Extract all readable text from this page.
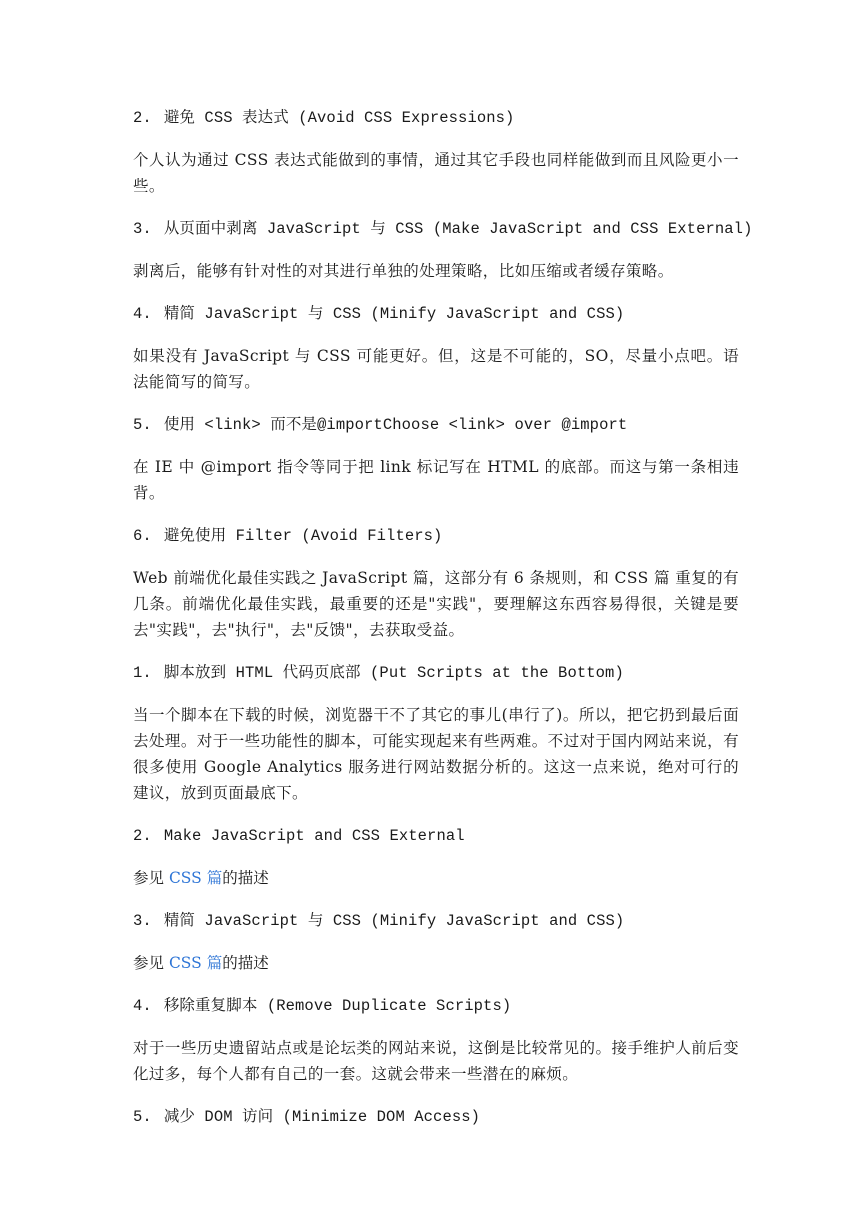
2. 避免 CSS 表达式 (Avoid CSS Expressions)

个人认为通过 CSS 表达式能做到的事情，通过其它手段也同样能做到而且风险更小一些。

3. 从页面中剥离 JavaScript 与 CSS (Make JavaScript and CSS External)

剥离后，能够有针对性的对其进行单独的处理策略，比如压缩或者缓存策略。

4. 精简 JavaScript 与 CSS (Minify JavaScript and CSS)

如果没有 JavaScript 与 CSS 可能更好。但，这是不可能的，SO，尽量小点吧。语法能简写的简写。

5. 使用 <link> 而不是@importChoose <link> over @import

在 IE 中 @import 指令等同于把 link 标记写在 HTML 的底部。而这与第一条相违背。

6. 避免使用 Filter (Avoid Filters)

Web 前端优化最佳实践之 JavaScript 篇，这部分有 6 条规则，和 CSS 篇 重复的有几条。前端优化最佳实践，最重要的还是"实践"，要理解这东西容易得很，关键是要去"实践"，去"执行"，去"反馈"，去获取受益。

1. 脚本放到 HTML 代码页底部 (Put Scripts at the Bottom)

当一个脚本在下载的时候，浏览器干不了其它的事儿(串行了)。所以，把它扔到最后面去处理。对于一些功能性的脚本，可能实现起来有些两难。不过对于国内网站来说，有很多使用 Google Analytics 服务进行网站数据分析的。这这一点来说，绝对可行的建议，放到页面最底下。

2. Make JavaScript and CSS External

参见 CSS 篇的描述

3. 精简 JavaScript 与 CSS (Minify JavaScript and CSS)

参见 CSS 篇的描述

4. 移除重复脚本 (Remove Duplicate Scripts)

对于一些历史遗留站点或是论坛类的网站来说，这倒是比较常见的。接手维护人前后变化过多，每个人都有自己的一套。这就会带来一些潜在的麻烦。

5. 减少 DOM 访问 (Minimize DOM Access)
